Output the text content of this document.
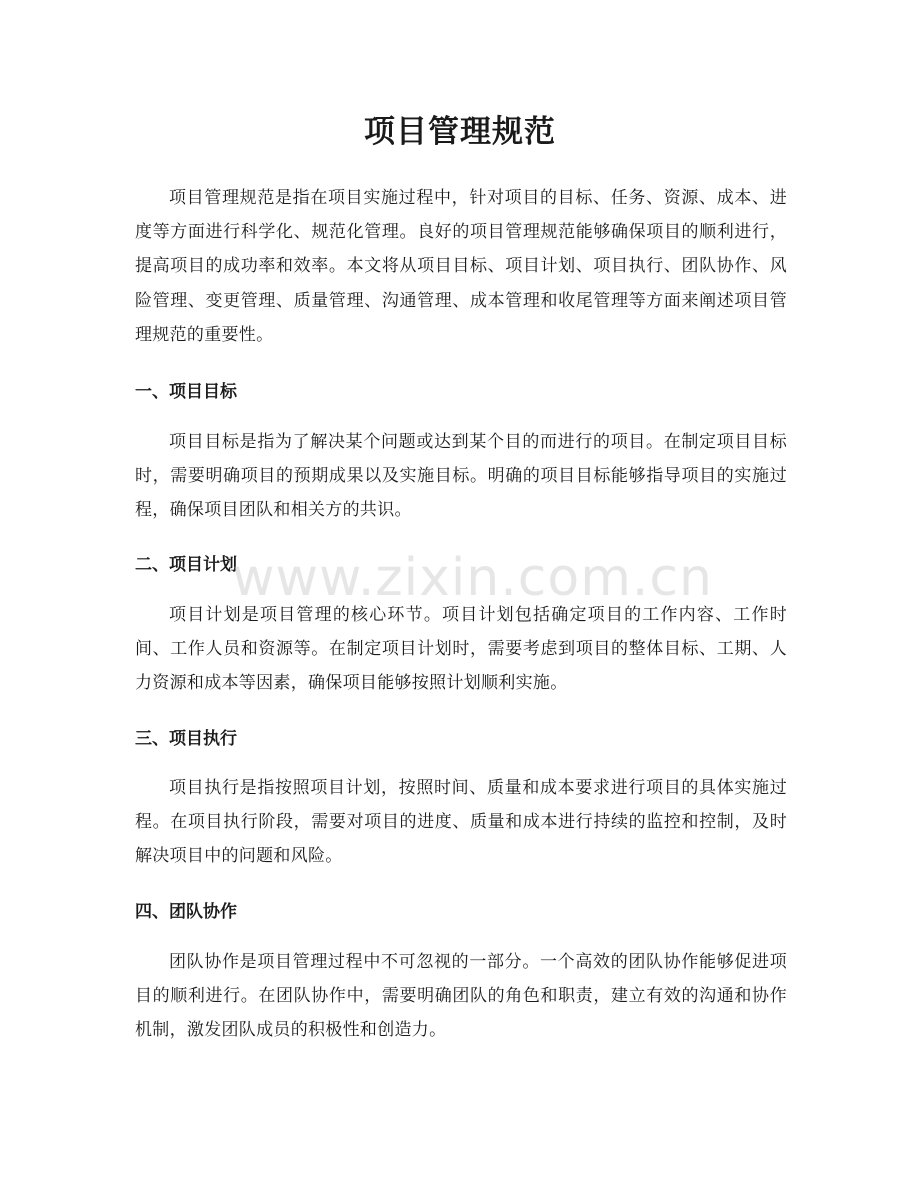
项目管理规范

项目管理规范是指在项目实施过程中，针对项目的目标、任务、资源、成本、进度等方面进行科学化、规范化管理。良好的项目管理规范能够确保项目的顺利进行，提高项目的成功率和效率。本文将从项目目标、项目计划、项目执行、团队协作、风险管理、变更管理、质量管理、沟通管理、成本管理和收尾管理等方面来阐述项目管理规范的重要性。

一、项目目标

项目目标是指为了解决某个问题或达到某个目的而进行的项目。在制定项目目标时，需要明确项目的预期成果以及实施目标。明确的项目目标能够指导项目的实施过程，确保项目团队和相关方的共识。

二、项目计划

项目计划是项目管理的核心环节。项目计划包括确定项目的工作内容、工作时间、工作人员和资源等。在制定项目计划时，需要考虑到项目的整体目标、工期、人力资源和成本等因素，确保项目能够按照计划顺利实施。

三、项目执行

项目执行是指按照项目计划，按照时间、质量和成本要求进行项目的具体实施过程。在项目执行阶段，需要对项目的进度、质量和成本进行持续的监控和控制，及时解决项目中的问题和风险。

四、团队协作

团队协作是项目管理过程中不可忽视的一部分。一个高效的团队协作能够促进项目的顺利进行。在团队协作中，需要明确团队的角色和职责，建立有效的沟通和协作机制，激发团队成员的积极性和创造力。

www.zixin.com.cn
